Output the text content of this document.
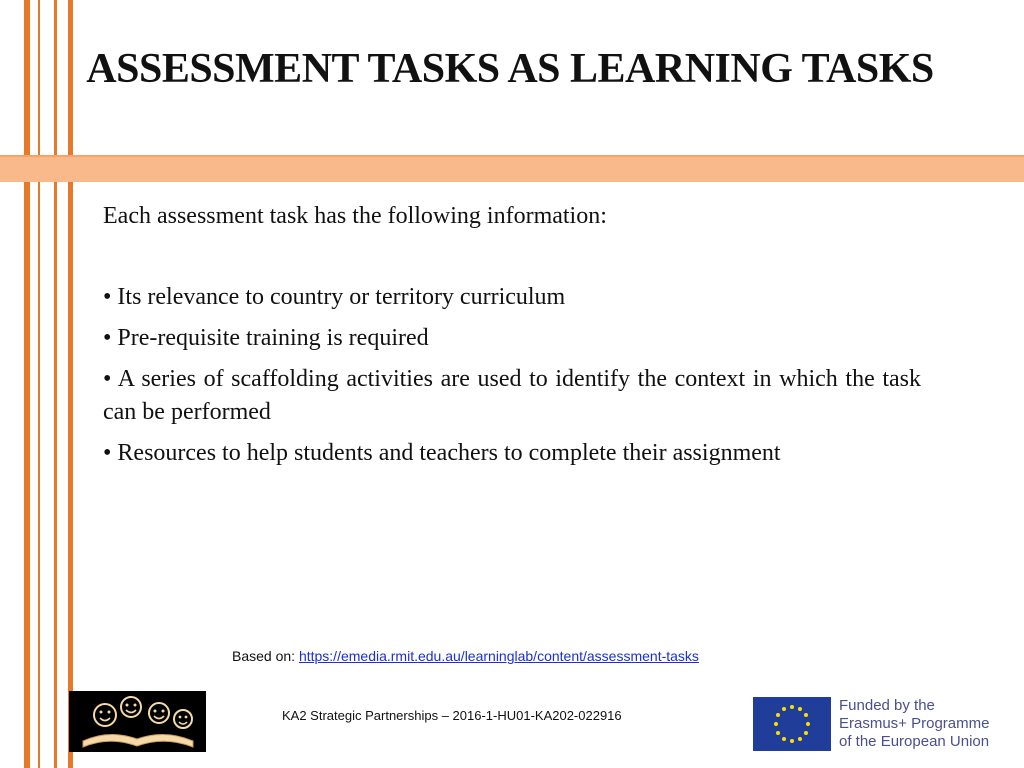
ASSESSMENT TASKS AS LEARNING TASKS

Each assessment task has the following information:

• Its relevance to country or territory curriculum

• Pre-requisite training is required

• A series of scaffolding activities are used to identify the context in which the task can be performed

• Resources to help students and teachers to complete their assignment

Based on: https://emedia.rmit.edu.au/learninglab/content/assessment-tasks
KA2 Strategic Partnerships – 2016-1-HU01-KA202-022916
Funded by the
Erasmus+ Programme
of the European Union
